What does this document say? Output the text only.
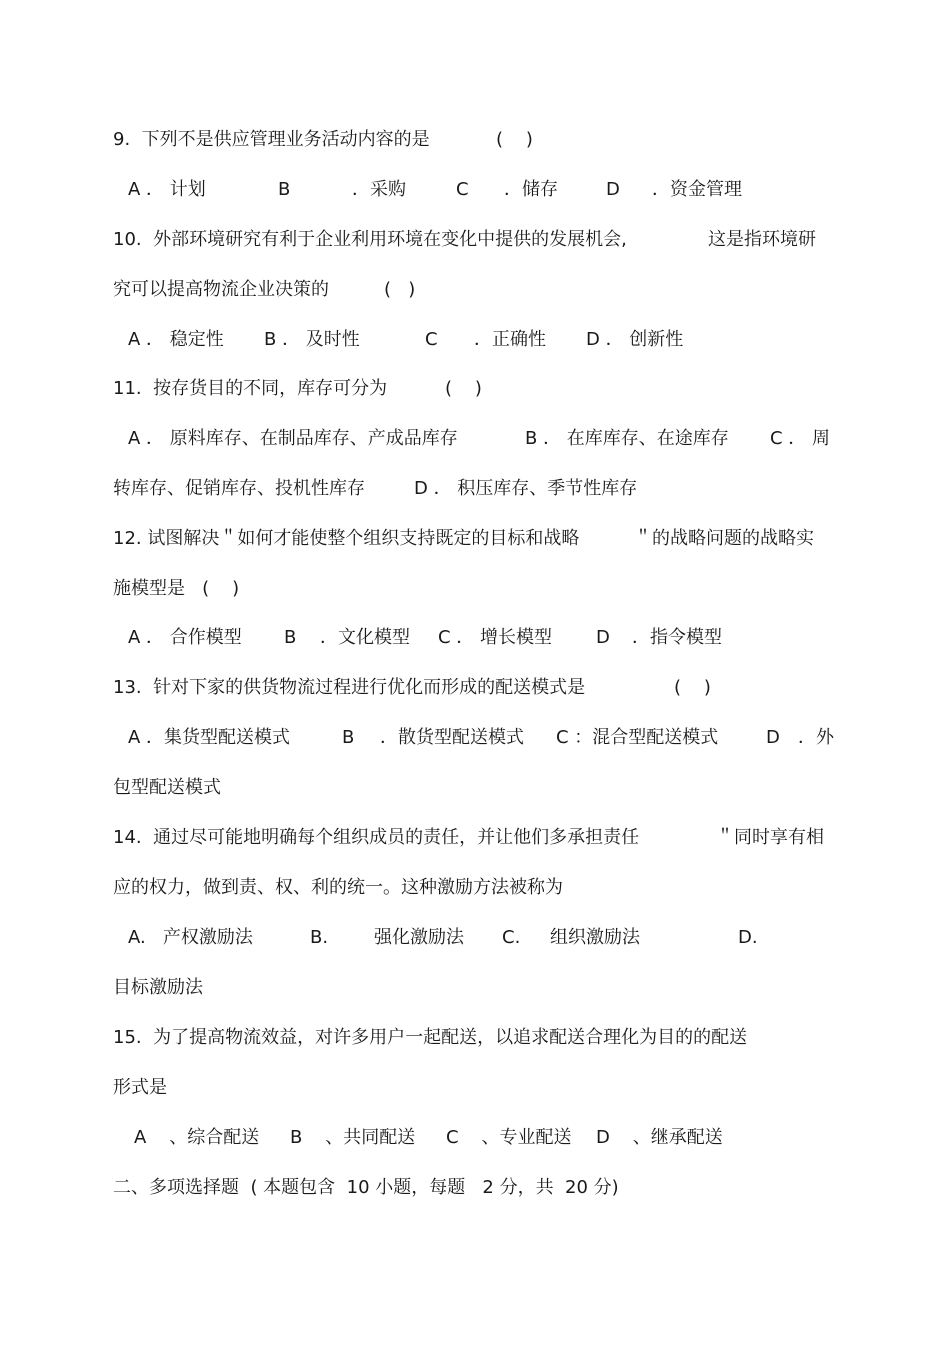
9.  下列不是供应管理业务活动内容的是

	(    )

A ． 计划

	B

	．采购

	C

．储存

	D

．资金管理

10.  外部环境研究有利于企业利用环境在变化中提供的发展机会,

	这是指环境研

究可以提高物流企业决策的

	(   )

A ． 稳定性

B ． 及时性

	C

．正确性

D ． 创新性

11.  按存货目的不同，库存可分为

	(    )

A ． 原料库存、在制品库存、产成品库存

	B ． 在库库存、在途库存

C ． 周

转库存、促销库存、投机性库存

	D ． 积压库存、季节性库存

12. 试图解决＂如何才能使整个组织支持既定的目标和战略

	＂的战略问题的战略实

施模型是   (    )

A ． 合作模型

B

．文化模型

C ． 增长模型

D

．指令模型

13.  针对下家的供货物流过程进行优化而形成的配送模式是

	(    )

A ．集货型配送模式

	B

．散货型配送模式

C ：混合型配送模式

	D

．外

包型配送模式

14.  通过尽可能地明确每个组织成员的责任，并让他们多承担责任

	＂同时享有相

应的权力，做到责、权、利的统一。这种激励方法被称为

A.   产权激励法

	B.

	强化激励法

C.

组织激励法

	D.

目标激励法

15.  为了提高物流效益，对许多用户一起配送，以追求配送合理化为目的的配送

形式是

A    、综合配送

B    、共同配送

C    、专业配送

D    、继承配送

二、多项选择题  ( 本题包含  10 小题，每题   2 分，共  20 分)
